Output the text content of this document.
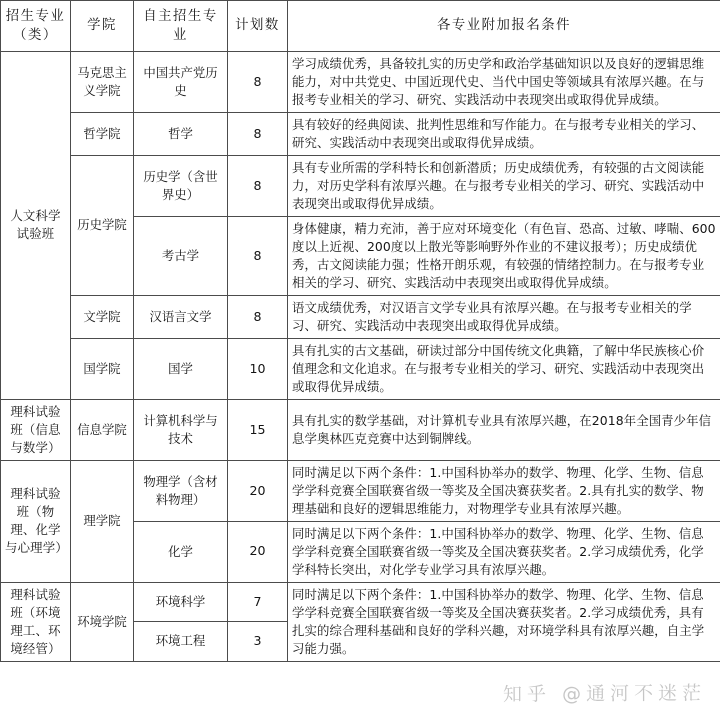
招生专业（类）	学院	自主招生专业	计划数	各专业附加报名条件
人文科学试验班	马克思主义学院	中国共产党历史	8	学习成绩优秀，具备较扎实的历史学和政治学基础知识以及良好的逻辑思维能力，对中共党史、中国近现代史、当代中国史等领域具有浓厚兴趣。在与报考专业相关的学习、研究、实践活动中表现突出或取得优异成绩。
	哲学院	哲学	8	具有较好的经典阅读、批判性思维和写作能力。在与报考专业相关的学习、研究、实践活动中表现突出或取得优异成绩。
	历史学院	历史学（含世界史）	8	具有专业所需的学科特长和创新潜质；历史成绩优秀，有较强的古文阅读能力，对历史学科有浓厚兴趣。在与报考专业相关的学习、研究、实践活动中表现突出或取得优异成绩。
		考古学	8	身体健康，精力充沛，善于应对环境变化（有色盲、恐高、过敏、哮喘、600度以上近视、200度以上散光等影响野外作业的不建议报考）；历史成绩优秀，古文阅读能力强；性格开朗乐观，有较强的情绪控制力。在与报考专业相关的学习、研究、实践活动中表现突出或取得优异成绩。
	文学院	汉语言文学	8	语文成绩优秀，对汉语言文学专业具有浓厚兴趣。在与报考专业相关的学习、研究、实践活动中表现突出或取得优异成绩。
	国学院	国学	10	具有扎实的古文基础，研读过部分中国传统文化典籍，了解中华民族核心价值理念和文化追求。在与报考专业相关的学习、研究、实践活动中表现突出或取得优异成绩。
理科试验班（信息与数学）	信息学院	计算机科学与技术	15	具有扎实的数学基础，对计算机专业具有浓厚兴趣，在2018年全国青少年信息学奥林匹克竞赛中达到铜牌线。
理科试验班（物理、化学与心理学）	理学院	物理学（含材料物理）	20	同时满足以下两个条件：1.中国科协举办的数学、物理、化学、生物、信息学学科竞赛全国联赛省级一等奖及全国决赛获奖者。2.具有扎实的数学、物理基础和良好的逻辑思维能力，对物理学专业具有浓厚兴趣。
		化学	20	同时满足以下两个条件：1.中国科协举办的数学、物理、化学、生物、信息学学科竞赛全国联赛省级一等奖及全国决赛获奖者。2.学习成绩优秀，化学学科特长突出，对化学专业学习具有浓厚兴趣。
理科试验班（环境理工、环境经管）	环境学院	环境科学	7	同时满足以下两个条件：1.中国科协举办的数学、物理、化学、生物、信息学学科竞赛全国联赛省级一等奖及全国决赛获奖者。2.学习成绩优秀，具有扎实的综合理科基础和良好的学科兴趣，对环境学科具有浓厚兴趣，自主学习能力强。
		环境工程	3	
知乎 @通河不迷茫
